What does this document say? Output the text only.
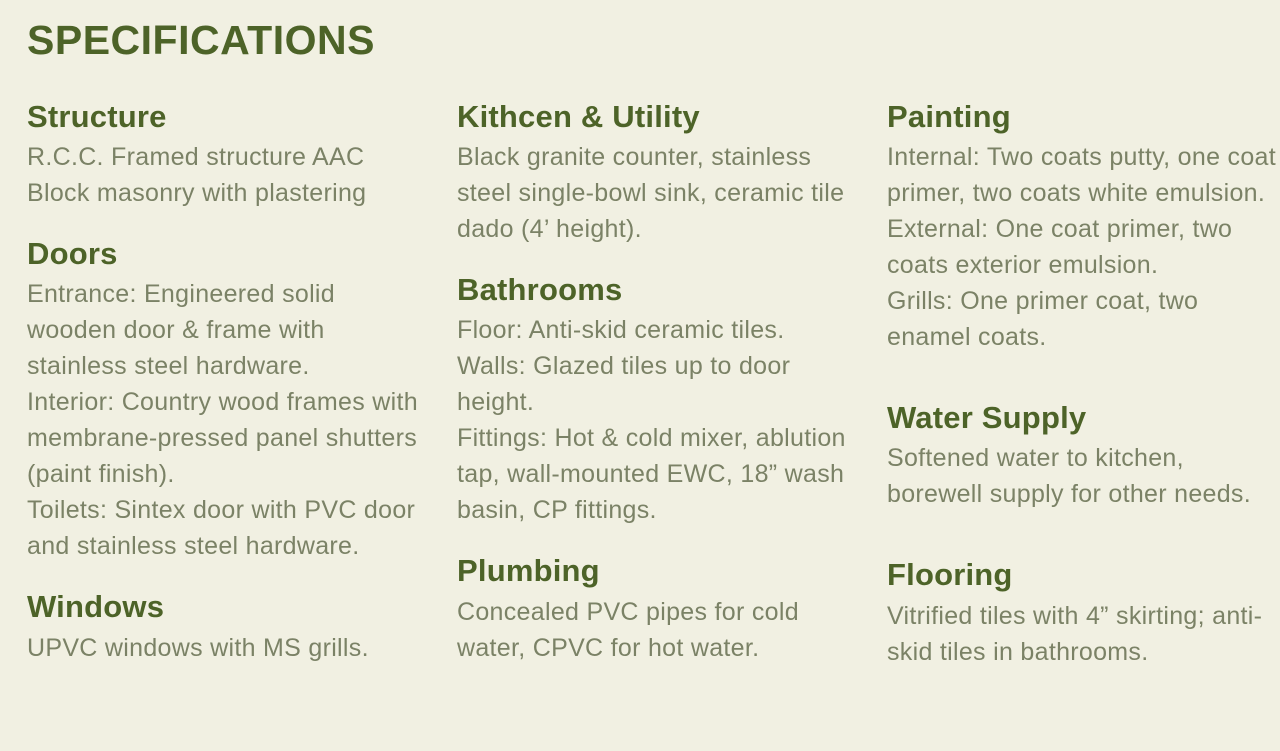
SPECIFICATIONS
Structure

R.C.C. Framed structure AAC Block masonry with plastering

Doors

Entrance: Engineered solid wooden door & frame with stainless steel hardware.

Interior: Country wood frames with membrane-pressed panel shutters (paint finish).

Toilets: Sintex door with PVC door and stainless steel hardware.

Windows

UPVC windows with MS grills.

Kithcen & Utility

Black granite counter, stainless steel single-bowl sink, ceramic tile dado (4’ height).

Bathrooms

Floor: Anti-skid ceramic tiles.

Walls: Glazed tiles up to door height.

Fittings: Hot & cold mixer, ablution tap, wall-mounted EWC, 18” wash basin, CP fittings.

Plumbing

Concealed PVC pipes for cold water, CPVC for hot water.

Painting

Internal: Two coats putty, one coat primer, two coats white emulsion.

External: One coat primer, two coats exterior emulsion.

Grills: One primer coat, two enamel coats.

Water Supply

Softened water to kitchen, borewell supply for other needs.

Flooring

Vitrified tiles with 4” skirting; anti-skid tiles in bathrooms.
